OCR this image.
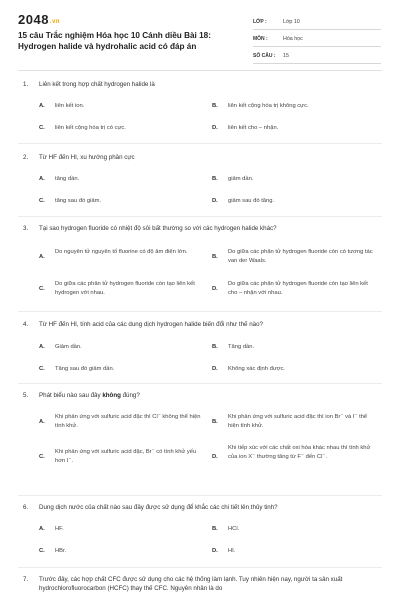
2048.vn
15 câu Trắc nghiệm Hóa học 10 Cánh diều Bài 18: Hydrogen halide và hydrohalic acid có đáp án
LỚP :	Lớp 10
MÔN :	Hóa học
SỐ CÂU :	15
1. Liên kết trong hợp chất hydrogen halide là
A. liên kết ion.	B. liên kết cộng hóa trị không cực.
C. liên kết cộng hóa trị có cực.	D. liên kết cho – nhận.
2. Từ HF đến HI, xu hướng phân cực
A. tăng dần.	B. giảm dần.
C. tăng sau đó giảm.	D. giảm sau đó tăng.
3. Tại sao hydrogen fluoride có nhiệt độ sôi bất thường so với các hydrogen halide khác?
A.
Do nguyên tử nguyên tố fluorine có độ âm điện lớn.
B.
Do giữa các phân tử hydrogen fluoride còn có tương tác van der Waals.
C.
Do giữa các phân tử hydrogen fluoride còn tạo liên kết hydrogen với nhau.
D.
Do giữa các phân tử hydrogen fluoride còn tạo liên kết cho – nhận với nhau.
4. Từ HF đến HI, tính acid của các dung dịch hydrogen halide biến đổi như thế nào?
A. Giảm dần.	B. Tăng dần.
C. Tăng sau đó giảm dần.	D. Không xác định được.
5. Phát biểu nào sau đây không đúng?
A.
Khi phản ứng với sulfuric acid đặc thì Cl⁻ không thể hiện tính khử.
B.
Khi phản ứng với sulfuric acid đặc thì ion Br⁻ và I⁻ thể hiện tính khử.
C.
Khi phản ứng với sulfuric acid đặc, Br⁻ có tính khử yếu hơn I⁻.
D.
Khi tiếp xúc với các chất oxi hóa khác nhau thì tính khử của ion X⁻ thường tăng từ F⁻ đến Cl⁻.
6. Dung dịch nước của chất nào sau đây được sử dụng để khắc các chi tiết lên thủy tinh?
A. HF.	B. HCl.
C. HBr.	D. HI.
7. Trước đây, các hợp chất CFC được sử dụng cho các hệ thống làm lạnh. Tuy nhiên hiện nay, người ta sản xuất hydrochlorofluorocarbon (HCFC) thay thế CFC. Nguyên nhân là do
